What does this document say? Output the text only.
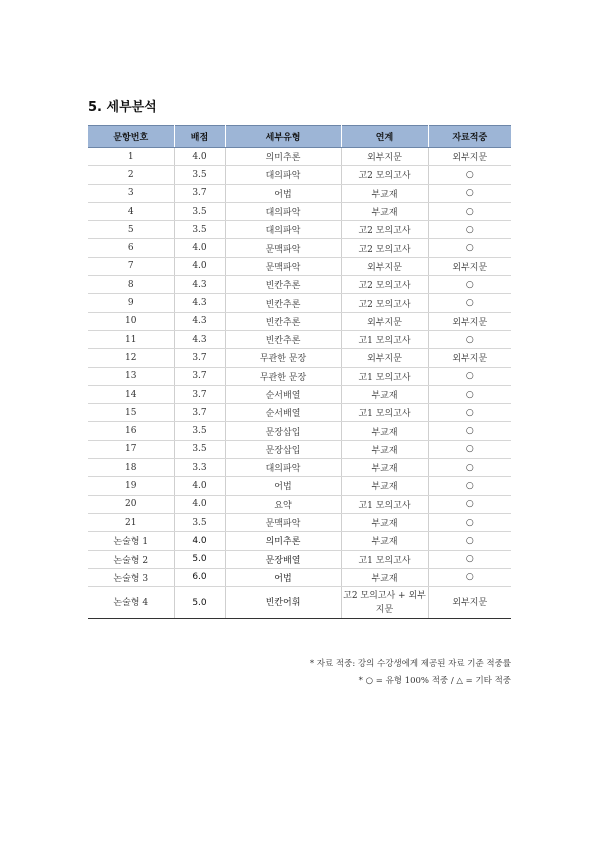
5. 세부분석
문항번호	배점	세부유형	연계	자료적중
1	4.0	의미추론	외부지문	외부지문
2	3.5	대의파악	고2 모의고사	○
3	3.7	어법	부교재	○
4	3.5	대의파악	부교재	○
5	3.5	대의파악	고2 모의고사	○
6	4.0	문맥파악	고2 모의고사	○
7	4.0	문맥파악	외부지문	외부지문
8	4.3	빈칸추론	고2 모의고사	○
9	4.3	빈칸추론	고2 모의고사	○
10	4.3	빈칸추론	외부지문	외부지문
11	4.3	빈칸추론	고1 모의고사	○
12	3.7	무관한 문장	외부지문	외부지문
13	3.7	무관한 문장	고1 모의고사	○
14	3.7	순서배열	부교재	○
15	3.7	순서배열	고1 모의고사	○
16	3.5	문장삽입	부교재	○
17	3.5	문장삽입	부교재	○
18	3.3	대의파악	부교재	○
19	4.0	어법	부교재	○
20	4.0	요약	고1 모의고사	○
21	3.5	문맥파악	부교재	○
논술형 1	4.0	의미추론	부교재	○
논술형 2	5.0	문장배열	고1 모의고사	○
논술형 3	6.0	어법	부교재	○
논술형 4	5.0	빈칸어휘	고2 모의고사 + 외부지문	외부지문
* 자료 적중: 강의 수강생에게 제공된 자료 기준 적중률
* ○ = 유형 100% 적중 / △ = 기타 적중
